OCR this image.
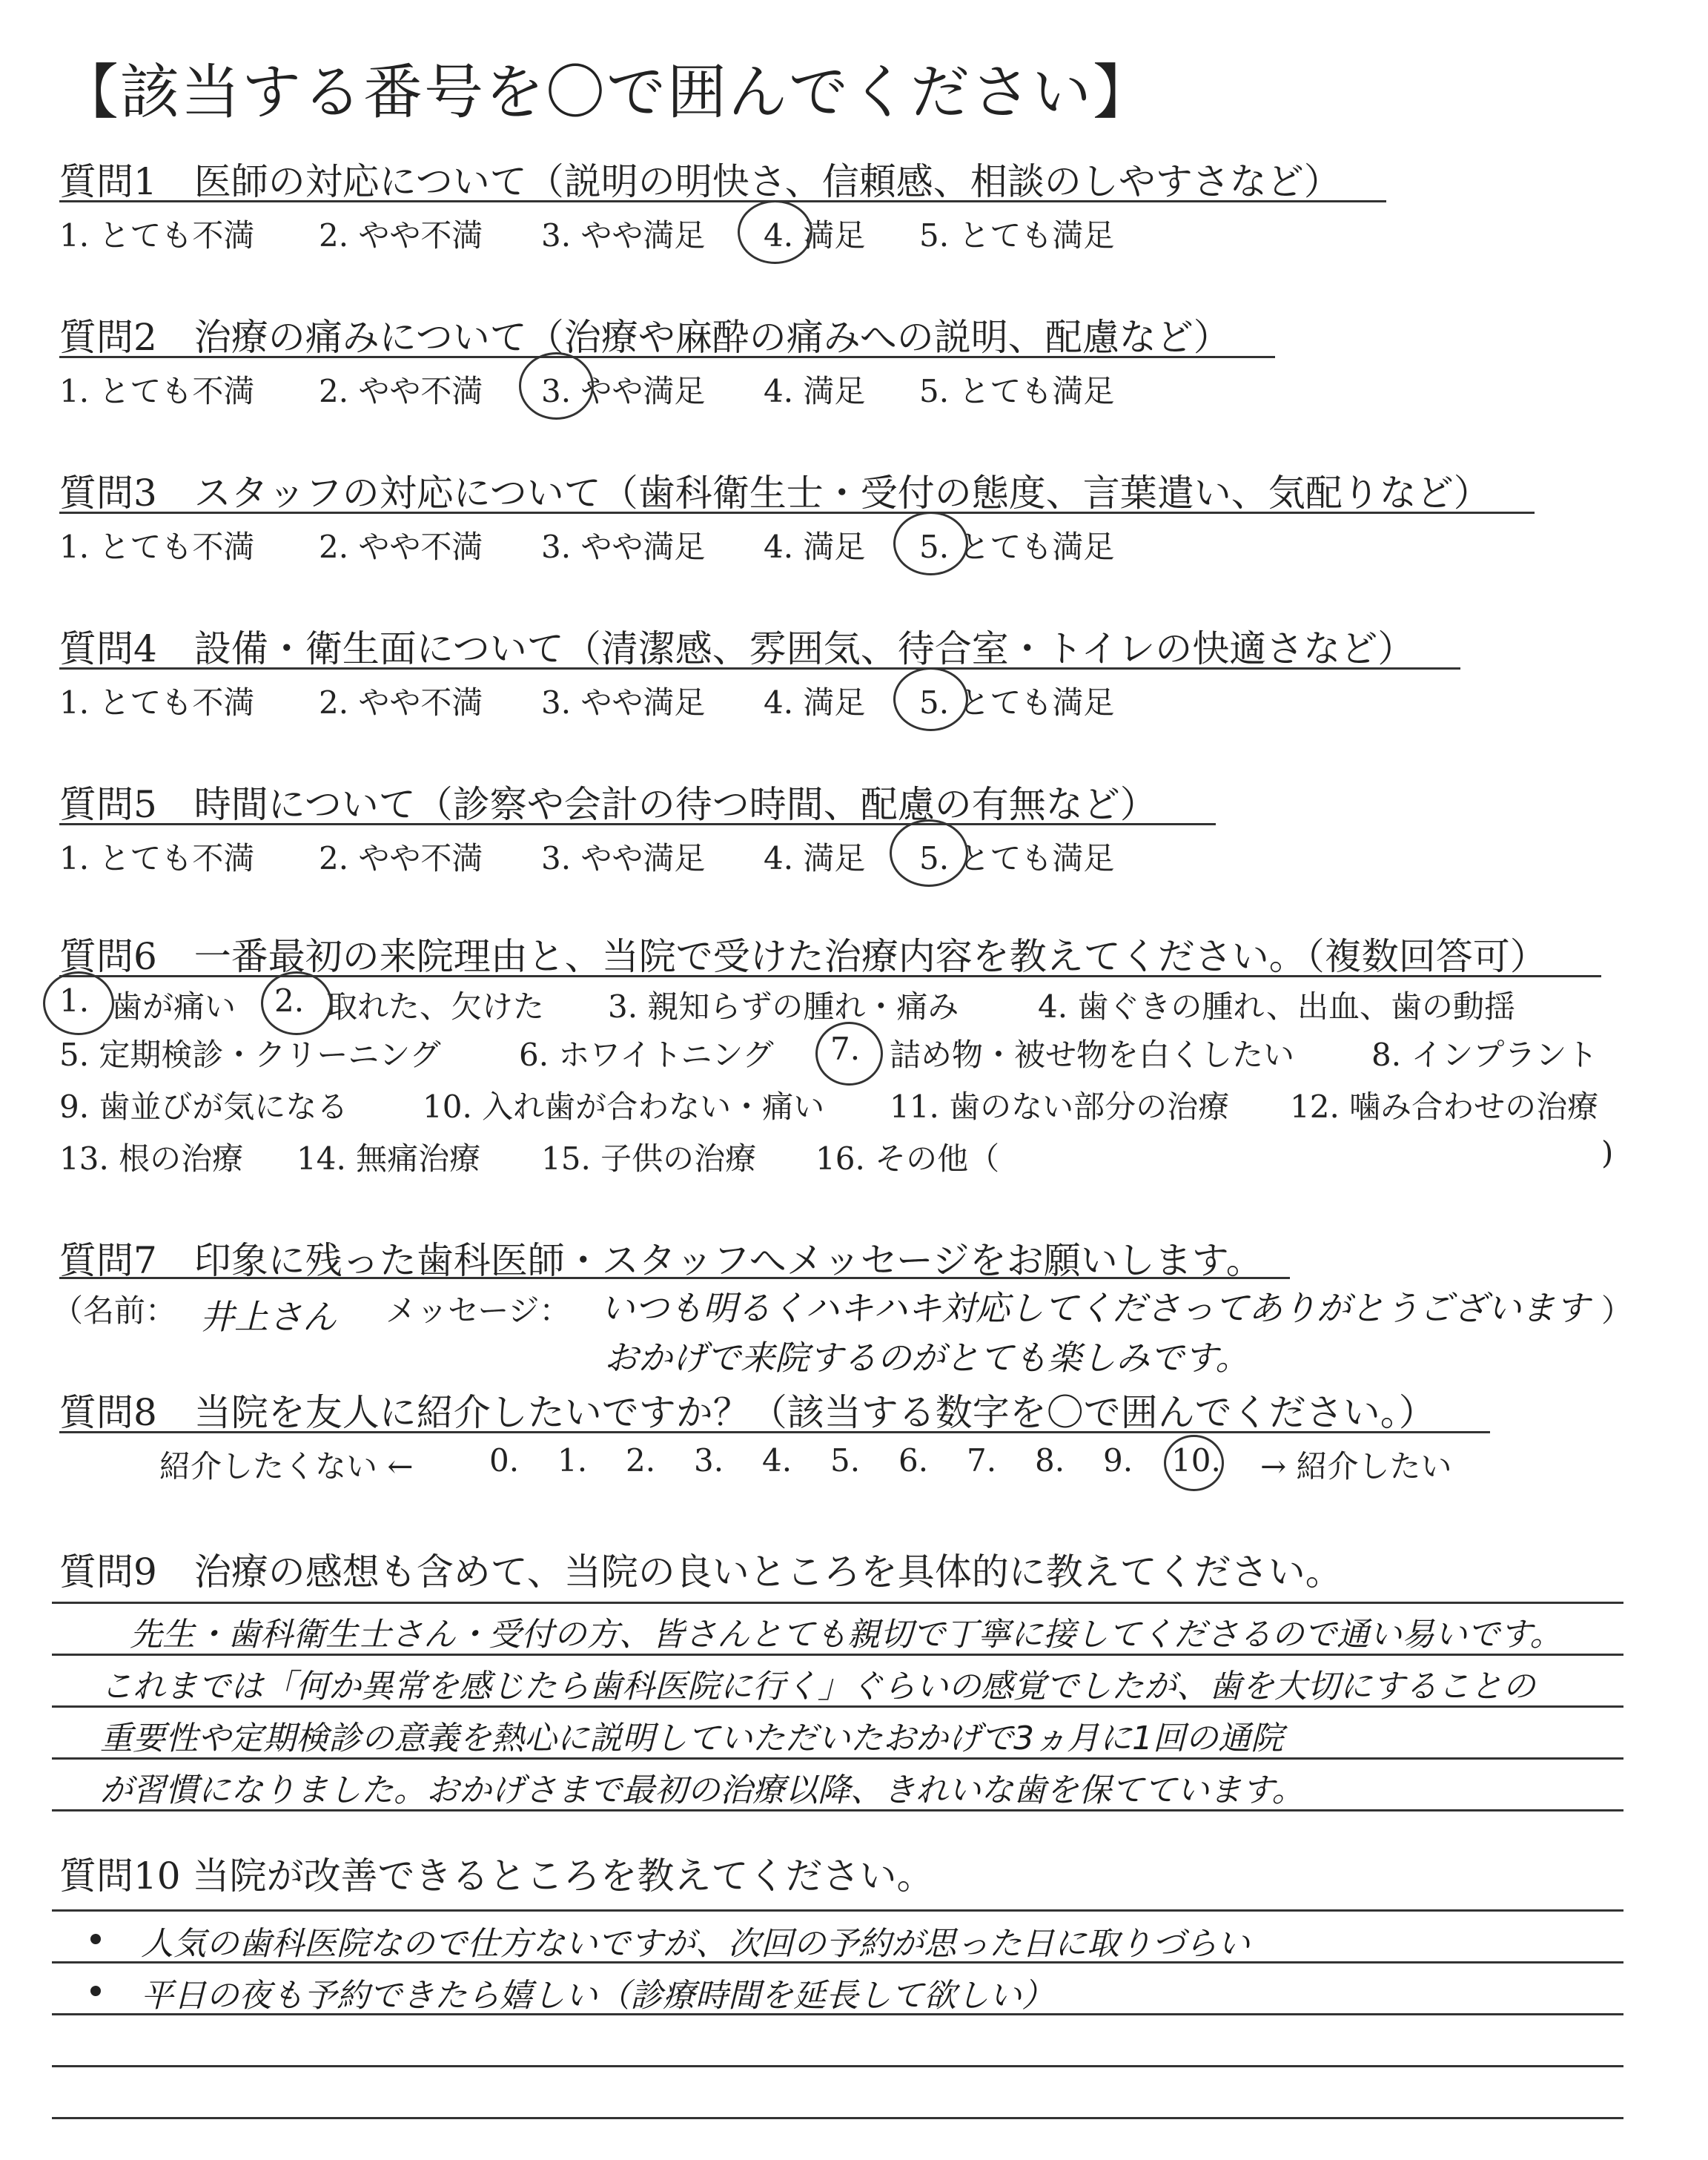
【該当する番号を〇で囲んでください】
質問1　医師の対応について（説明の明快さ、信頼感、相談のしやすさなど）
1. とても不満 2. やや不満 3. やや満足 4. 満足 5. とても満足
質問2　治療の痛みについて（治療や麻酔の痛みへの説明、配慮など）
1. とても不満 2. やや不満 3. やや満足 4. 満足 5. とても満足
質問3　スタッフの対応について（歯科衛生士・受付の態度、言葉遣い、気配りなど）
1. とても不満 2. やや不満 3. やや満足 4. 満足 5. とても満足
質問4　設備・衛生面について（清潔感、雰囲気、待合室・トイレの快適さなど）
1. とても不満 2. やや不満 3. やや満足 4. 満足 5. とても満足
質問5　時間について（診察や会計の待つ時間、配慮の有無など）
1. とても不満 2. やや不満 3. やや満足 4. 満足 5. とても満足
質問6　一番最初の来院理由と、当院で受けた治療内容を教えてください。（複数回答可）
1. 歯が痛い 2. 取れた、欠けた 3. 親知らずの腫れ・痛み	4. 歯ぐきの腫れ、出血、歯の動揺
5. 定期検診・クリーニング	6. ホワイトニング 7. 詰め物・被せ物を白くしたい 8. インプラント
9. 歯並びが気になる 10. 入れ歯が合わない・痛い 11. 歯のない部分の治療 12. 噛み合わせの治療
13. 根の治療 14. 無痛治療 15. 子供の治療 16. その他（	)
質問7　印象に残った歯科医師・スタッフへメッセージをお願いします。
（名前： 井上さん メッセージ： いつも明るくハキハキ対応してくださってありがとうございます
おかげで来院するのがとても楽しみです。
）
質問8　当院を友人に紹介したいですか？（該当する数字を〇で囲んでください。）
紹介したくない ← 0. 1. 2. 3. 4. 5. 6. 7. 8. 9. 10. → 紹介したい
質問9　治療の感想も含めて、当院の良いところを具体的に教えてください。
先生・歯科衛生士さん・受付の方、皆さんとても親切で丁寧に接してくださるので通い易いです。
これまでは「何か異常を感じたら歯科医院に行く」ぐらいの感覚でしたが、歯を大切にすることの
重要性や定期検診の意義を熱心に説明していただいたおかげで3ヵ月に1回の通院
が習慣になりました。おかげさまで最初の治療以降、きれいな歯を保てています。
質問10 当院が改善できるところを教えてください。
人気の歯科医院なので仕方ないですが、次回の予約が思った日に取りづらい
平日の夜も予約できたら嬉しい（診療時間を延長して欲しい）
